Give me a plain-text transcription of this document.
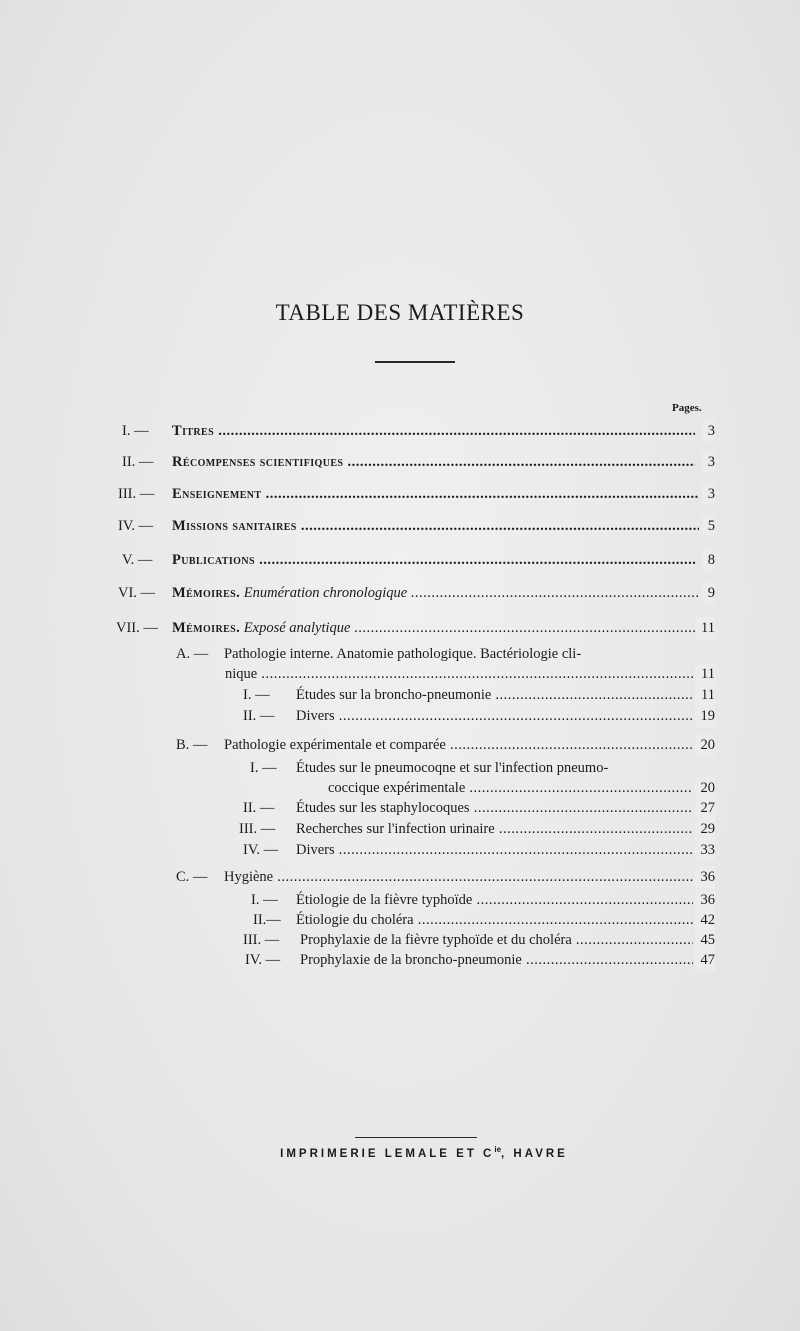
TABLE DES MATIÈRES
Pages.
I. — Titres .....	3
II. — Récompenses scientifiques .....	3
III. — Enseignement .....	3
IV. — Missions sanitaires .....	5
V. — Publications .....	8
VI. — Mémoires. Enumération chronologique .....	9
VII. — Mémoires. Exposé analytique .....	11
A. — Pathologie interne. Anatomie pathologique. Bactériologie cli-
nique .....	11
I. — Études sur la broncho-pneumonie .....	11
II. — Divers .....	19
B. — Pathologie expérimentale et comparée .....	20
I. — Études sur le pneumocoqne et sur l'infection pneumo-
coccique expérimentale .....	20
II. — Études sur les staphylocoques .....	27
III. — Recherches sur l'infection urinaire .....	29
IV. — Divers .....	33
C. — Hygiène .....	36
I. — Étiologie de la fièvre typhoïde .....	36
II.— Étiologie du choléra .....	42
III. — Prophylaxie de la fièvre typhoïde et du choléra .....	45
IV. — Prophylaxie de la broncho-pneumonie .....	47
IMPRIMERIE LEMALE ET $C^{ie}$, HAVRE
